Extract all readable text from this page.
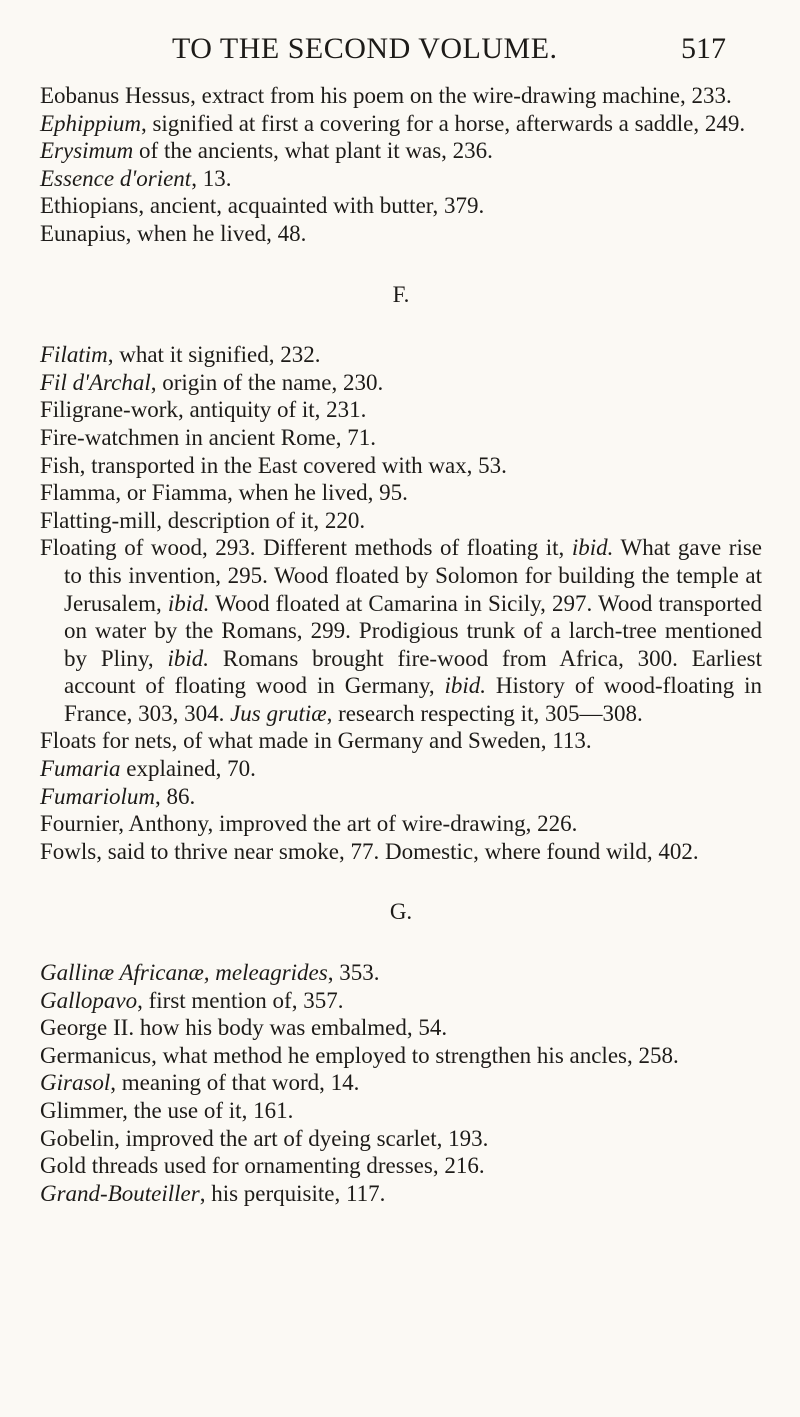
TO THE SECOND VOLUME.	517

Eobanus Hessus, extract from his poem on the wire-drawing machine, 233.

Ephippium, signified at first a covering for a horse, afterwards a saddle, 249.

Erysimum of the ancients, what plant it was, 236.

Essence d'orient, 13.

Ethiopians, ancient, acquainted with butter, 379.

Eunapius, when he lived, 48.

F.

Filatim, what it signified, 232.

Fil d'Archal, origin of the name, 230.

Filigrane-work, antiquity of it, 231.

Fire-watchmen in ancient Rome, 71.

Fish, transported in the East covered with wax, 53.

Flamma, or Fiamma, when he lived, 95.

Flatting-mill, description of it, 220.

Floating of wood, 293. Different methods of floating it, ibid. What gave rise to this invention, 295. Wood floated by Solomon for building the temple at Jerusalem, ibid. Wood floated at Camarina in Sicily, 297. Wood transported on water by the Romans, 299. Prodigious trunk of a larch-tree mentioned by Pliny, ibid. Romans brought fire-wood from Africa, 300. Earliest account of floating wood in Germany, ibid. History of wood-floating in France, 303, 304. Jus grutiæ, research respecting it, 305—308.

Floats for nets, of what made in Germany and Sweden, 113.

Fumaria explained, 70.

Fumariolum, 86.

Fournier, Anthony, improved the art of wire-drawing, 226.

Fowls, said to thrive near smoke, 77. Domestic, where found wild, 402.

G.

Gallinæ Africanæ, meleagrides, 353.

Gallopavo, first mention of, 357.

George II. how his body was embalmed, 54.

Germanicus, what method he employed to strengthen his ancles, 258.

Girasol, meaning of that word, 14.

Glimmer, the use of it, 161.

Gobelin, improved the art of dyeing scarlet, 193.

Gold threads used for ornamenting dresses, 216.

Grand-Bouteiller, his perquisite, 117.
